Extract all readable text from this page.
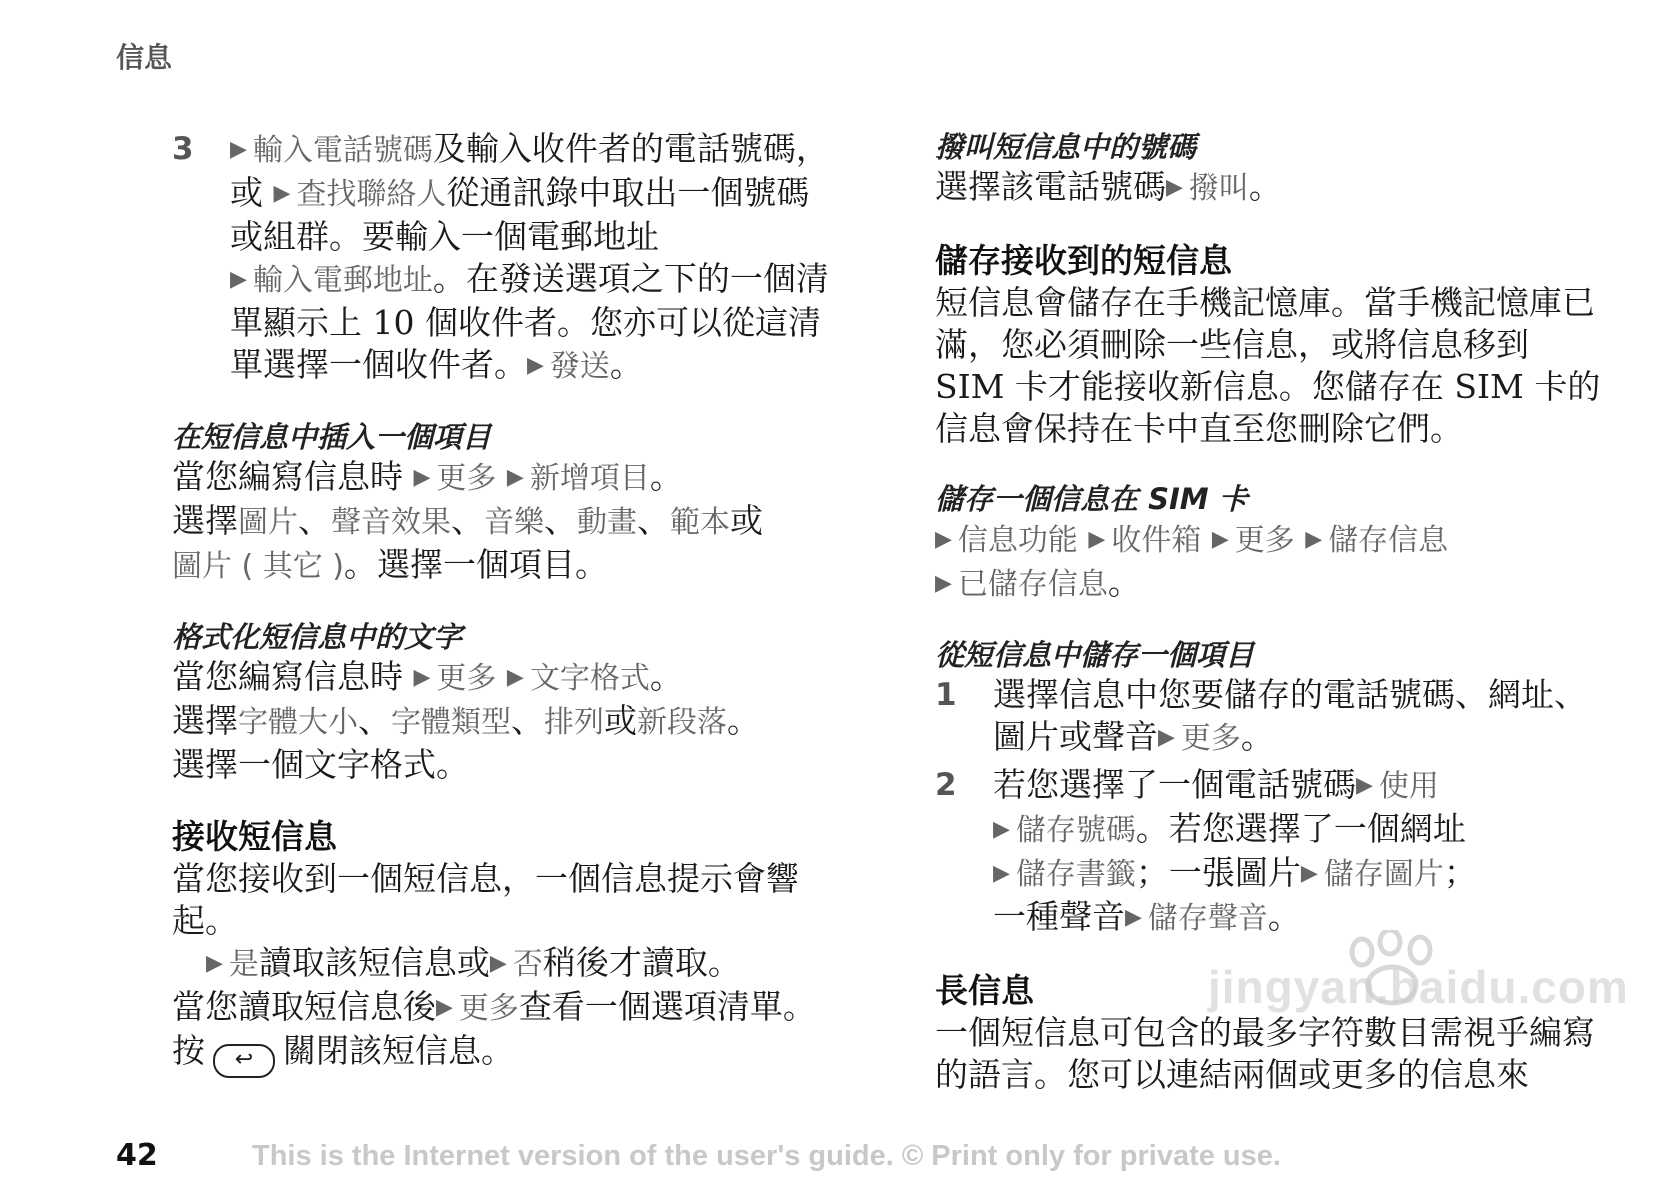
信息
3 ▶ 輸入電話號碼及輸入收件者的電話號碼，或 ▶ 查找聯絡人從通訊錄中取出一個號碼或組群。要輸入一個電郵地址
▶ 輸入電郵地址。在發送選項之下的一個清單顯示上 10 個收件者。您亦可以從這清單選擇一個收件者。▶ 發送。
在短信息中插入一個項目
當您編寫信息時 ▶ 更多 ▶ 新增項目。
選擇圖片、聲音效果、音樂、動畫、範本或
圖片 ( 其它 )。選擇一個項目。
格式化短信息中的文字
當您編寫信息時 ▶ 更多 ▶ 文字格式。
選擇字體大小、字體類型、排列或新段落。
選擇一個文字格式。
接收短信息
當您接收到一個短信息，一個信息提示會響起。
▶ 是讀取該短信息或▶ 否稍後才讀取。
當您讀取短信息後▶ 更多查看一個選項清單。按 ↩ 關閉該短信息。
撥叫短信息中的號碼
選擇該電話號碼▶ 撥叫。
儲存接收到的短信息
短信息會儲存在手機記憶庫。當手機記憶庫已滿，您必須刪除一些信息，或將信息移到 SIM 卡才能接收新信息。您儲存在 SIM 卡的信息會保持在卡中直至您刪除它們。
儲存一個信息在 SIM 卡
▶ 信息功能 ▶ 收件箱 ▶ 更多 ▶ 儲存信息
▶ 已儲存信息。
從短信息中儲存一個項目
1 選擇信息中您要儲存的電話號碼、網址、圖片或聲音▶ 更多。
2 若您選擇了一個電話號碼▶ 使用
▶ 儲存號碼。若您選擇了一個網址
▶ 儲存書籤；一張圖片▶ 儲存圖片；
一種聲音▶ 儲存聲音。
長信息
一個短信息可包含的最多字符數目需視乎編寫的語言。您可以連結兩個或更多的信息來
jingyan.baidu.com
42	This is the Internet version of the user's guide. © Print only for private use.
